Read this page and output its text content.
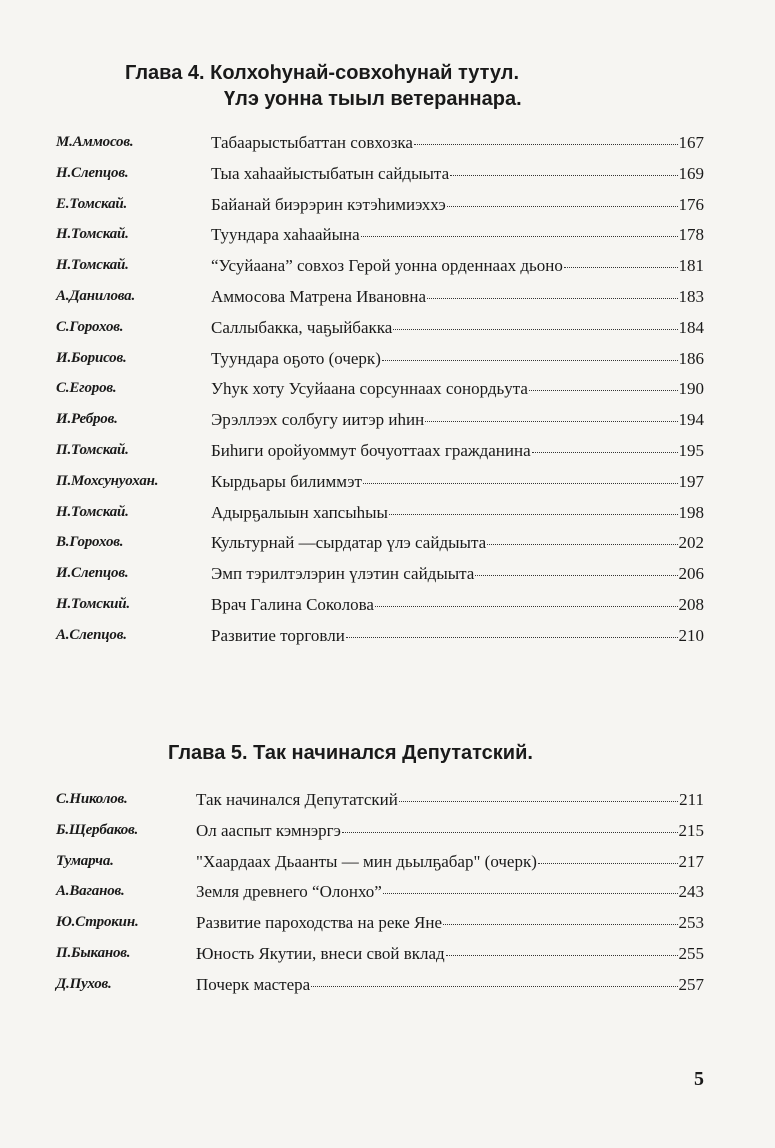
Глава 4. Колхоһунай-совхоһунай тутул.
Үлэ уонна тыыл ветераннара.
М.Аммосов.	Табаарыстыбаттан совхозка	167
Н.Слепцов.	Тыа хаһаайыстыбатын сайдыыта	169
Е.Томскай.	Байанай биэрэрин кэтэһимиэххэ	176
Н.Томскай.	Туундара хаһаайына	178
Н.Томскай.	“Усуйаана” совхоз Герой уонна орденнаах дьоно	181
А.Данилова.	Аммосова Матрена Ивановна	183
С.Горохов.	Саллыбакка, чаҕыйбакка	184
И.Борисов.	Туундара оҕото (очерк)	186
С.Егоров.	Уһук хоту Усуйаана сорсуннаах сонордьута	190
И.Ребров.	Эрэллээх солбугу иитэр иһин	194
П.Томскай.	Биһиги оройуоммут бочуоттаах гражданина	195
П.Мохсунуохан.	Кырдьары билиммэт	197
Н.Томскай.	Адырҕалыын хапсыһыы	198
В.Горохов.	Культурнай —сырдатар үлэ сайдыыта	202
И.Слепцов.	Эмп тэрилтэлэрин үлэтин сайдыыта	206
Н.Томский.	Врач Галина Соколова	208
А.Слепцов.	Развитие торговли	210
Глава 5. Так начинался Депутатский.
С.Николов.	Так начинался Депутатский	211
Б.Щербаков.	Ол ааспыт кэмнэргэ	215
Тумарча.	"Хаардаах Дьаанты — мин дьылҕабар" (очерк)	217
А.Ваганов.	Земля древнего “Олонхо”	243
Ю.Строкин.	Развитие пароходства на реке Яне	253
П.Быканов.	Юность Якутии, внеси свой вклад	255
Д.Пухов.	Почерк мастера	257
5
